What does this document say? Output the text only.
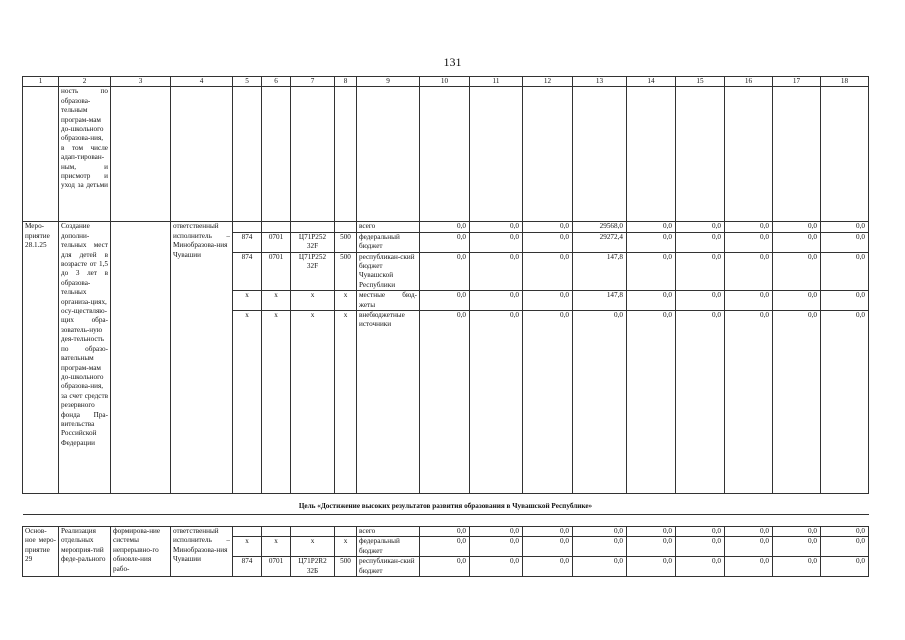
131
1	2	3	4	5	6	7	8	9	10	11	12	13	14	15	16	17	18
	ность по образова-тельным програм-мам до-школьного образова-ния, в том числе адап-тирован-ным, и присмотр и уход за детьми																
Меро-приятие 28.1.25	Создание дополни-тельных мест для детей в возрасте от 1,5 до 3 лет в образова-тельных организа-циях, осу-ществляю-щих обра-зователь-ную дея-тельность по образо-вательным програм-мам до-школьного образова-ния, за счет средств резервного фонда Пра-вительства Российской Федерации		ответственный исполнитель – Минобразова-ния Чувашии					всего	0,0	0,0	0,0	29568,0	0,0	0,0	0,0	0,0	0,0
				874	0701	Ц71Р252 32F	500	федеральный бюджет	0,0	0,0	0,0	29272,4	0,0	0,0	0,0	0,0	0,0
				874	0701	Ц71Р252 32F	500	республикан-ский бюджет Чувашской Республики	0,0	0,0	0,0	147,8	0,0	0,0	0,0	0,0	0,0
				x	x	x	x	местные бюд-жеты	0,0	0,0	0,0	147,8	0,0	0,0	0,0	0,0	0,0
				x	x	x	x	внебюджетные источники	0,0	0,0	0,0	0,0	0,0	0,0	0,0	0,0	0,0
Цель «Достижение высоких результатов развития образования в Чувашской Республике»																	

Основ-ное меро-приятие 29	Реализация отдельных мероприя-тий феде-рального	формирова-ние системы непрерывно-го обновле-ния рабо-	ответственный исполнитель – Минобразова-ния Чувашии					всего	0,0	0,0	0,0	0,0	0,0	0,0	0,0	0,0	0,0
				x	x	x	x	федеральный бюджет	0,0	0,0	0,0	0,0	0,0	0,0	0,0	0,0	0,0
				874	0701	Ц71Р2R2 32Б	500	республикан-ский бюджет	0,0	0,0	0,0	0,0	0,0	0,0	0,0	0,0	0,0
